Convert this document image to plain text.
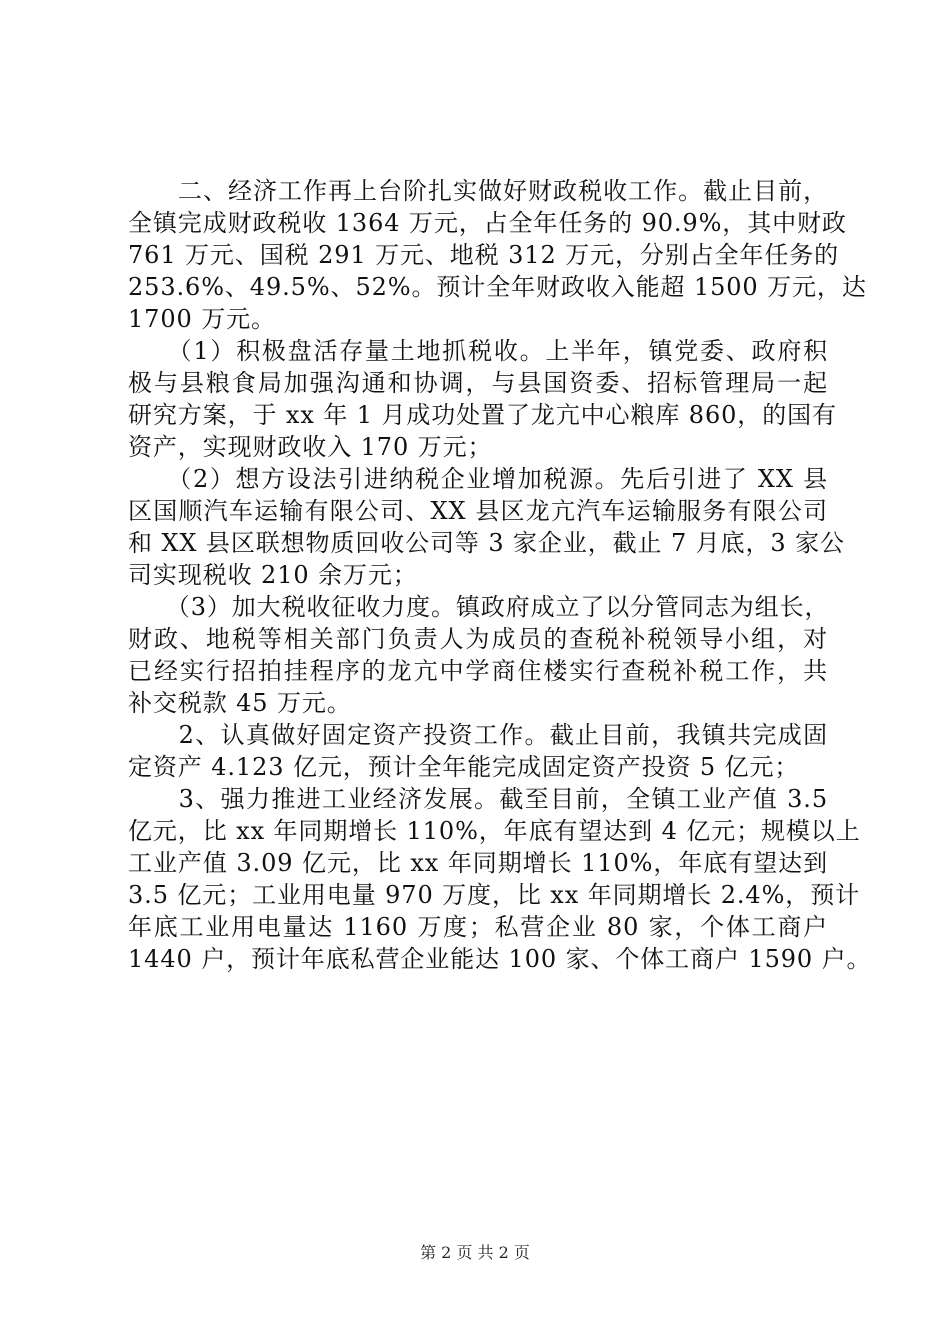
　　二、经济工作再上台阶扎实做好财政税收工作。截止目前，
全镇完成财政税收 1364 万元，占全年任务的 90.9%，其中财政
761 万元、国税 291 万元、地税 312 万元，分别占全年任务的
253.6%、49.5%、52%。预计全年财政收入能超 1500 万元，达
1700 万元。
　　（1）积极盘活存量土地抓税收。上半年，镇党委、政府积
极与县粮食局加强沟通和协调，与县国资委、招标管理局一起
研究方案，于 xx 年 1 月成功处置了龙亢中心粮库 860，的国有
资产，实现财政收入 170 万元；
　　（2）想方设法引进纳税企业增加税源。先后引进了 XX 县
区国顺汽车运输有限公司、XX 县区龙亢汽车运输服务有限公司
和 XX 县区联想物质回收公司等 3 家企业，截止 7 月底，3 家公
司实现税收 210 余万元；
　　（3）加大税收征收力度。镇政府成立了以分管同志为组长，
财政、地税等相关部门负责人为成员的查税补税领导小组，对
已经实行招拍挂程序的龙亢中学商住楼实行查税补税工作，共
补交税款 45 万元。
　　2、认真做好固定资产投资工作。截止目前，我镇共完成固
定资产 4.123 亿元，预计全年能完成固定资产投资 5 亿元；
　　3、强力推进工业经济发展。截至目前，全镇工业产值 3.5
亿元，比 xx 年同期增长 110%，年底有望达到 4 亿元；规模以上
工业产值 3.09 亿元，比 xx 年同期增长 110%，年底有望达到
3.5 亿元；工业用电量 970 万度，比 xx 年同期增长 2.4%，预计
年底工业用电量达 1160 万度；私营企业 80 家，个体工商户
1440 户，预计年底私营企业能达 100 家、个体工商户 1590 户。
第 2 页 共 2 页
